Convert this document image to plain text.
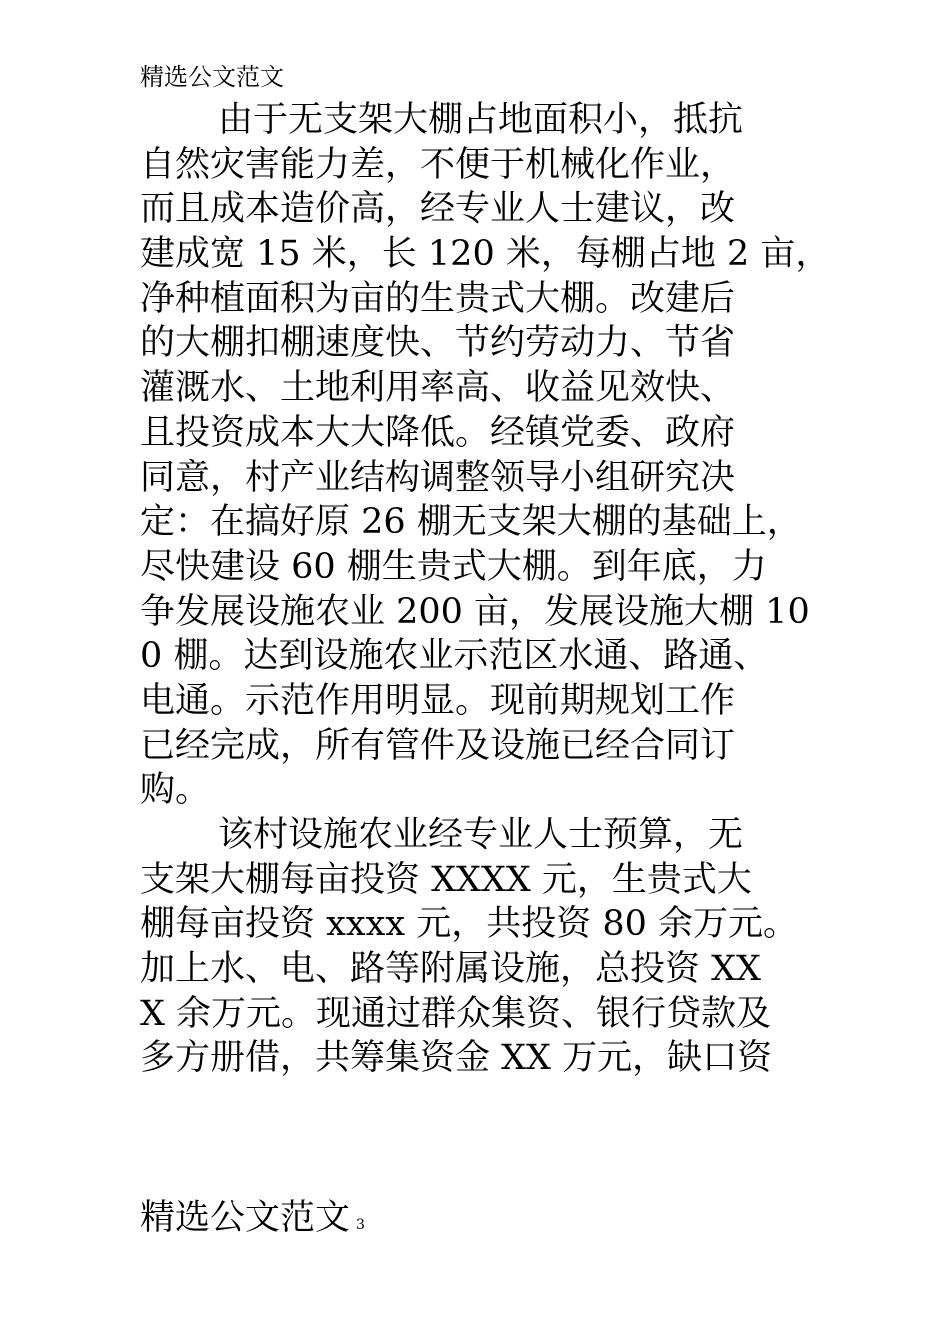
精选公文范文
由于无支架大棚占地面积小，抵抗
自然灾害能力差，不便于机械化作业，
而且成本造价高，经专业人士建议，改
建成宽 15 米，长 120 米，每棚占地 2 亩，
净种植面积为亩的生贵式大棚。改建后
的大棚扣棚速度快、节约劳动力、节省
灌溉水、土地利用率高、收益见效快、
且投资成本大大降低。经镇党委、政府
同意，村产业结构调整领导小组研究决
定：在搞好原 26 棚无支架大棚的基础上，
尽快建设 60 棚生贵式大棚。到年底，力
争发展设施农业 200 亩，发展设施大棚 10
0 棚。达到设施农业示范区水通、路通、
电通。示范作用明显。现前期规划工作
已经完成，所有管件及设施已经合同订
购。
该村设施农业经专业人士预算，无
支架大棚每亩投资 XXXX 元，生贵式大
棚每亩投资 xxxx 元，共投资 80 余万元。
加上水、电、路等附属设施，总投资 XX
X 余万元。现通过群众集资、银行贷款及
多方册借，共筹集资金 XX 万元，缺口资
精选公文范文 3
